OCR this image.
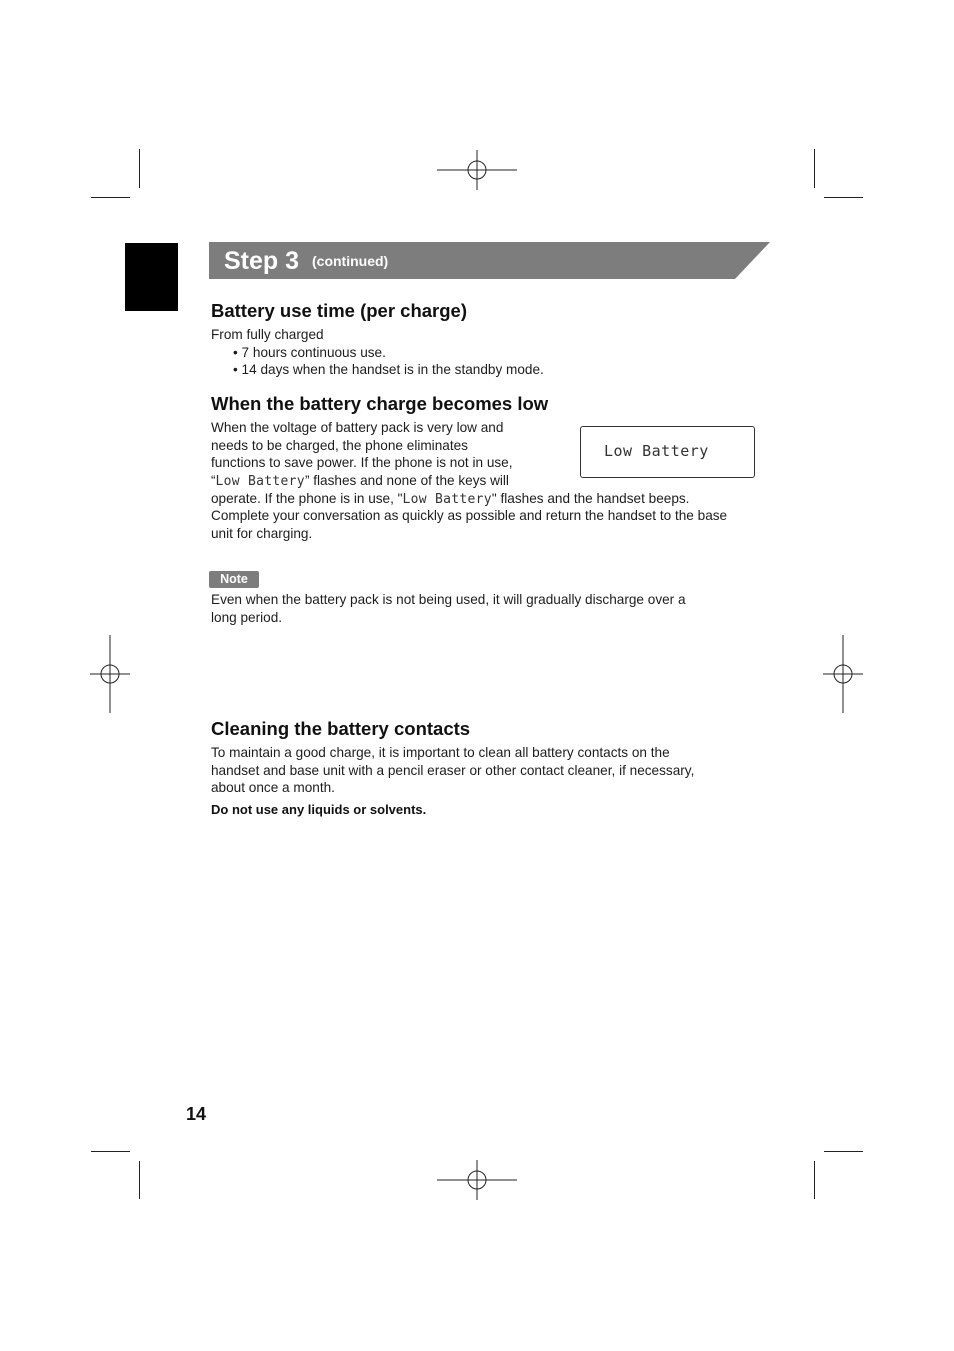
Step 3 (continued)
Battery use time (per charge)
From fully charged
• 7 hours continuous use.
• 14 days when the handset is in the standby mode.
When the battery charge becomes low
When the voltage of battery pack is very low and
needs to be charged, the phone eliminates
functions to save power. If the phone is not in use,
“Low Battery” flashes and none of the keys will
operate. If the phone is in use, "Low Battery" flashes and the handset beeps.
Complete your conversation as quickly as possible and return the handset to the base
unit for charging.
Low Battery
Note
Even when the battery pack is not being used, it will gradually discharge over a
long period.
Cleaning the battery contacts
To maintain a good charge, it is important to clean all battery contacts on the
handset and base unit with a pencil eraser or other contact cleaner, if necessary,
about once a month.
Do not use any liquids or solvents.
14
